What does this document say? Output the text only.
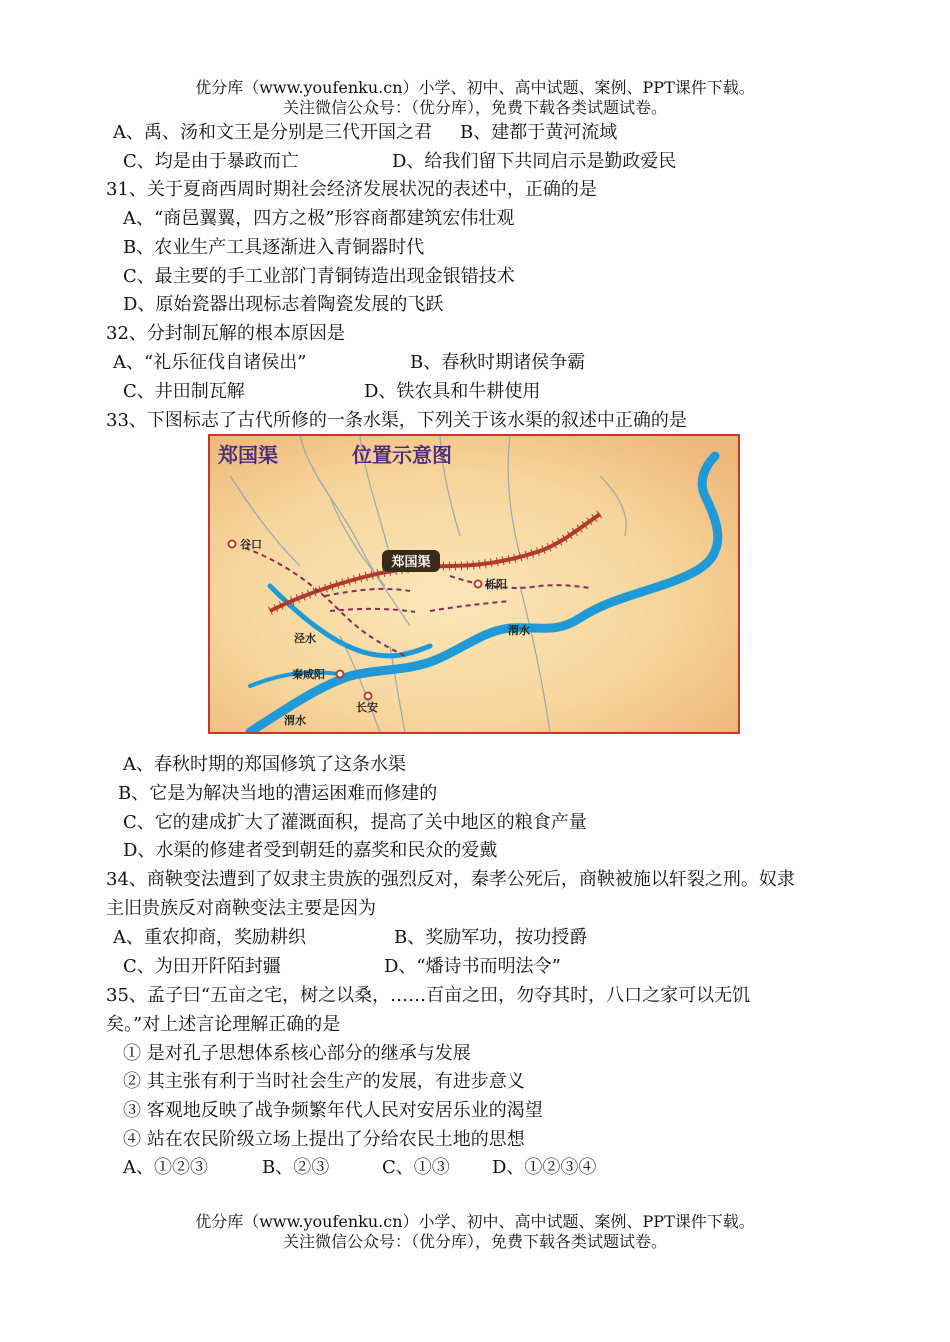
优分库（www.youfenku.cn）小学、初中、高中试题、案例、PPT课件下载。
关注微信公众号：（优分库），免费下载各类试题试卷。
A、禹、汤和文王是分别是三代开国之君 B、建都于黄河流域
C、均是由于暴政而亡	D、给我们留下共同启示是勤政爱民
31、关于夏商西周时期社会经济发展状况的表述中，正确的是
A、“商邑翼翼，四方之极”形容商都建筑宏伟壮观
B、农业生产工具逐渐进入青铜器时代
C、最主要的手工业部门青铜铸造出现金银错技术
D、原始瓷器出现标志着陶瓷发展的飞跃
32、分封制瓦解的根本原因是
A、“礼乐征伐自诸侯出”	B、春秋时期诸侯争霸
C、井田制瓦解	D、铁农具和牛耕使用
33、下图标志了古代所修的一条水渠，下列关于该水渠的叙述中正确的是
郑国渠
郑国渠	位置示意图
谷口
栎阳
秦咸阳
长安
泾水
渭水
渭水
A、春秋时期的郑国修筑了这条水渠
B、它是为解决当地的漕运困难而修建的
C、它的建成扩大了灌溉面积，提高了关中地区的粮食产量
D、水渠的修建者受到朝廷的嘉奖和民众的爱戴
34、商鞅变法遭到了奴隶主贵族的强烈反对，秦孝公死后，商鞅被施以轩裂之刑。奴隶
主旧贵族反对商鞅变法主要是因为
A、重农抑商，奖励耕织	B、奖励军功，按功授爵
C、为田开阡陌封疆	D、“燔诗书而明法令”
35、孟子曰“五亩之宅，树之以桑，……百亩之田，勿夺其时，八口之家可以无饥
矣。”对上述言论理解正确的是
① 是对孔子思想体系核心部分的继承与发展
② 其主张有利于当时社会生产的发展，有进步意义
③ 客观地反映了战争频繁年代人民对安居乐业的渴望
④ 站在农民阶级立场上提出了分给农民土地的思想
A、①②③	B、②③	C、①③ D、①②③④
优分库（www.youfenku.cn）小学、初中、高中试题、案例、PPT课件下载。
关注微信公众号：（优分库），免费下载各类试题试卷。
